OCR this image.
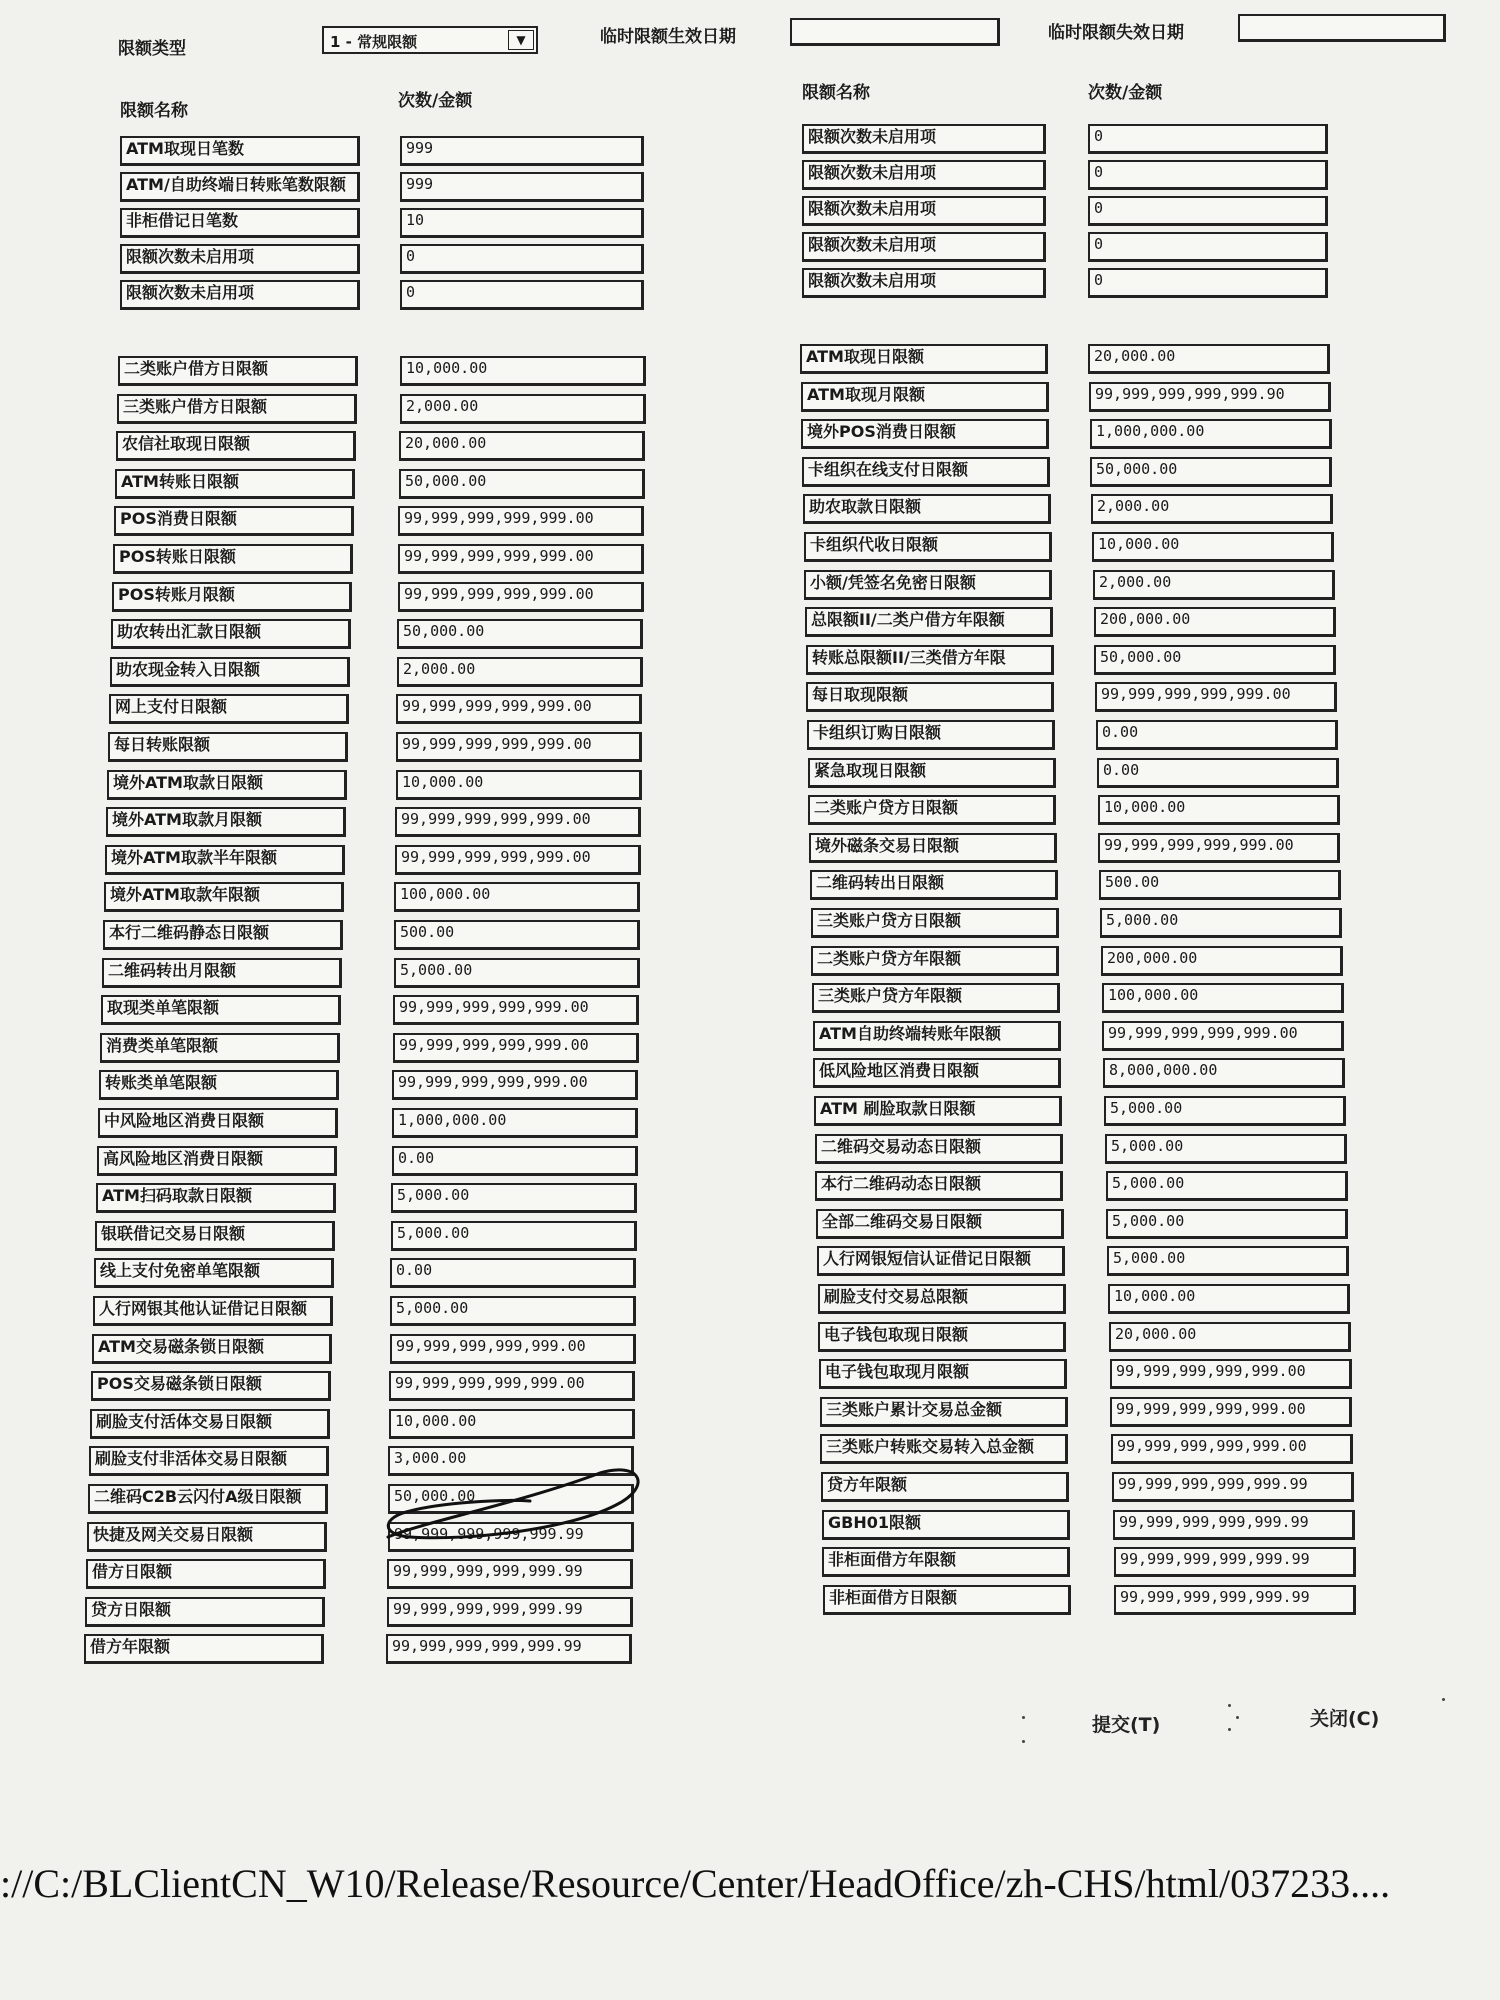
限额类型	1 - 常规限额	▼	临时限额生效日期	临时限额失效日期
限额名称	次数/金额	限额名称	次数/金额
ATM取现日笔数	999
ATM/自助终端日转账笔数限额	999
非柜借记日笔数	10
限额次数未启用项	0
限额次数未启用项	0
限额次数未启用项	0
限额次数未启用项	0
限额次数未启用项	0
限额次数未启用项	0
限额次数未启用项	0
二类账户借方日限额	10,000.00
三类账户借方日限额	2,000.00
农信社取现日限额	20,000.00
ATM转账日限额	50,000.00
POS消费日限额	99,999,999,999,999.00
POS转账日限额	99,999,999,999,999.00
POS转账月限额	99,999,999,999,999.00
助农转出汇款日限额	50,000.00
助农现金转入日限额	2,000.00
网上支付日限额	99,999,999,999,999.00
每日转账限额	99,999,999,999,999.00
境外ATM取款日限额	10,000.00
境外ATM取款月限额	99,999,999,999,999.00
境外ATM取款半年限额	99,999,999,999,999.00
境外ATM取款年限额	100,000.00
本行二维码静态日限额	500.00
二维码转出月限额	5,000.00
取现类单笔限额	99,999,999,999,999.00
消费类单笔限额	99,999,999,999,999.00
转账类单笔限额	99,999,999,999,999.00
中风险地区消费日限额	1,000,000.00
高风险地区消费日限额	0.00
ATM扫码取款日限额	5,000.00
银联借记交易日限额	5,000.00
线上支付免密单笔限额	0.00
人行网银其他认证借记日限额	5,000.00
ATM交易磁条锁日限额	99,999,999,999,999.00
POS交易磁条锁日限额	99,999,999,999,999.00
刷脸支付活体交易日限额	10,000.00
刷脸支付非活体交易日限额	3,000.00
二维码C2B云闪付A级日限额	50,000.00
快捷及网关交易日限额	99,999,999,999,999.99
借方日限额	99,999,999,999,999.99
贷方日限额	99,999,999,999,999.99
借方年限额	99,999,999,999,999.99
ATM取现日限额	20,000.00
ATM取现月限额	99,999,999,999,999.90
境外POS消费日限额	1,000,000.00
卡组织在线支付日限额	50,000.00
助农取款日限额	2,000.00
卡组织代收日限额	10,000.00
小额/凭签名免密日限额	2,000.00
总限额II/二类户借方年限额	200,000.00
转账总限额II/三类借方年限	50,000.00
每日取现限额	99,999,999,999,999.00
卡组织订购日限额	0.00
紧急取现日限额	0.00
二类账户贷方日限额	10,000.00
境外磁条交易日限额	99,999,999,999,999.00
二维码转出日限额	500.00
三类账户贷方日限额	5,000.00
二类账户贷方年限额	200,000.00
三类账户贷方年限额	100,000.00
ATM自助终端转账年限额	99,999,999,999,999.00
低风险地区消费日限额	8,000,000.00
ATM 刷脸取款日限额	5,000.00
二维码交易动态日限额	5,000.00
本行二维码动态日限额	5,000.00
全部二维码交易日限额	5,000.00
人行网银短信认证借记日限额	5,000.00
刷脸支付交易总限额	10,000.00
电子钱包取现日限额	20,000.00
电子钱包取现月限额	99,999,999,999,999.00
三类账户累计交易总金额	99,999,999,999,999.00
三类账户转账交易转入总金额	99,999,999,999,999.00
贷方年限额	99,999,999,999,999.99
GBH01限额	99,999,999,999,999.99
非柜面借方年限额	99,999,999,999,999.99
非柜面借方日限额	99,999,999,999,999.99
提交(T)	关闭(C)
://C:/BLClientCN_W10/Release/Resource/Center/HeadOffice/zh-CHS/html/037233....
